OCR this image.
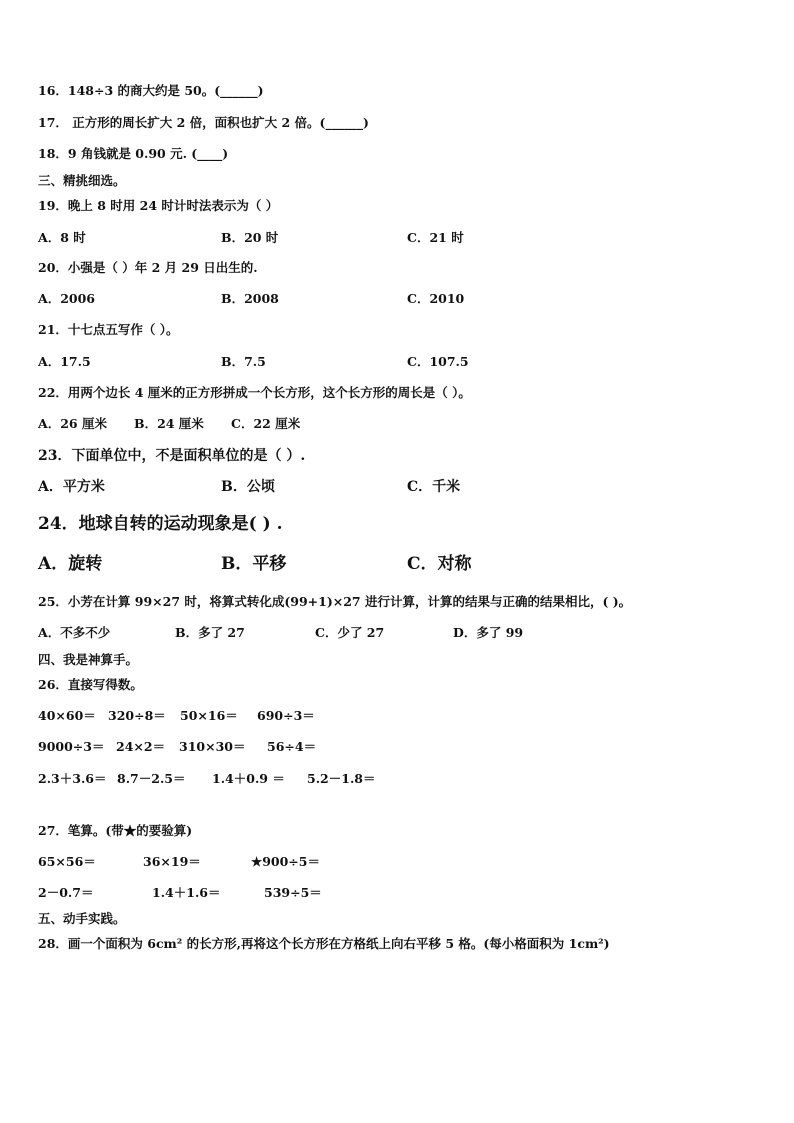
16．148÷3 的商大约是 50。(______)
17． 正方形的周长扩大 2 倍，面积也扩大 2 倍。(______)
18．9 角钱就是 0.90 元. (____)
三、精挑细选。
19．晚上 8 时用 24 时计时法表示为（ ）
A．8 时	B．20 时	C．21 时
20．小强是（ ）年 2 月 29 日出生的.
A．2006	B．2008	C．2010
21．十七点五写作（ ）。
A．17.5	B．7.5	C．107.5
22．用两个边长 4 厘米的正方形拼成一个长方形，这个长方形的周长是（ ）。
A．26 厘米 B．24 厘米 C．22 厘米
23．下面单位中，不是面积单位的是（ ）.
A．平方米	B．公顷	C．千米
24．地球自转的运动现象是( ) .
A．旋转	B．平移	C．对称
25．小芳在计算 99×27 时，将算式转化成(99+1)×27 进行计算，计算的结果与正确的结果相比，( )。
A．不多不少	B．多了 27	C．少了 27	D．多了 99
四、我是神算手。
26．直接写得数。
40×60＝ 320÷8＝ 50×16＝ 690÷3＝
9000÷3＝ 24×2＝ 310×30＝ 56÷4＝
2.3＋3.6＝ 8.7－2.5＝ 1.4＋0.9 ＝ 5.2－1.8＝
27．笔算。(带★的要验算)
65×56＝	36×19＝	★900÷5＝
2－0.7＝	1.4＋1.6＝	539÷5＝
五、动手实践。
28．画一个面积为 6cm² 的长方形,再将这个长方形在方格纸上向右平移 5 格。(每小格面积为 1cm²)
